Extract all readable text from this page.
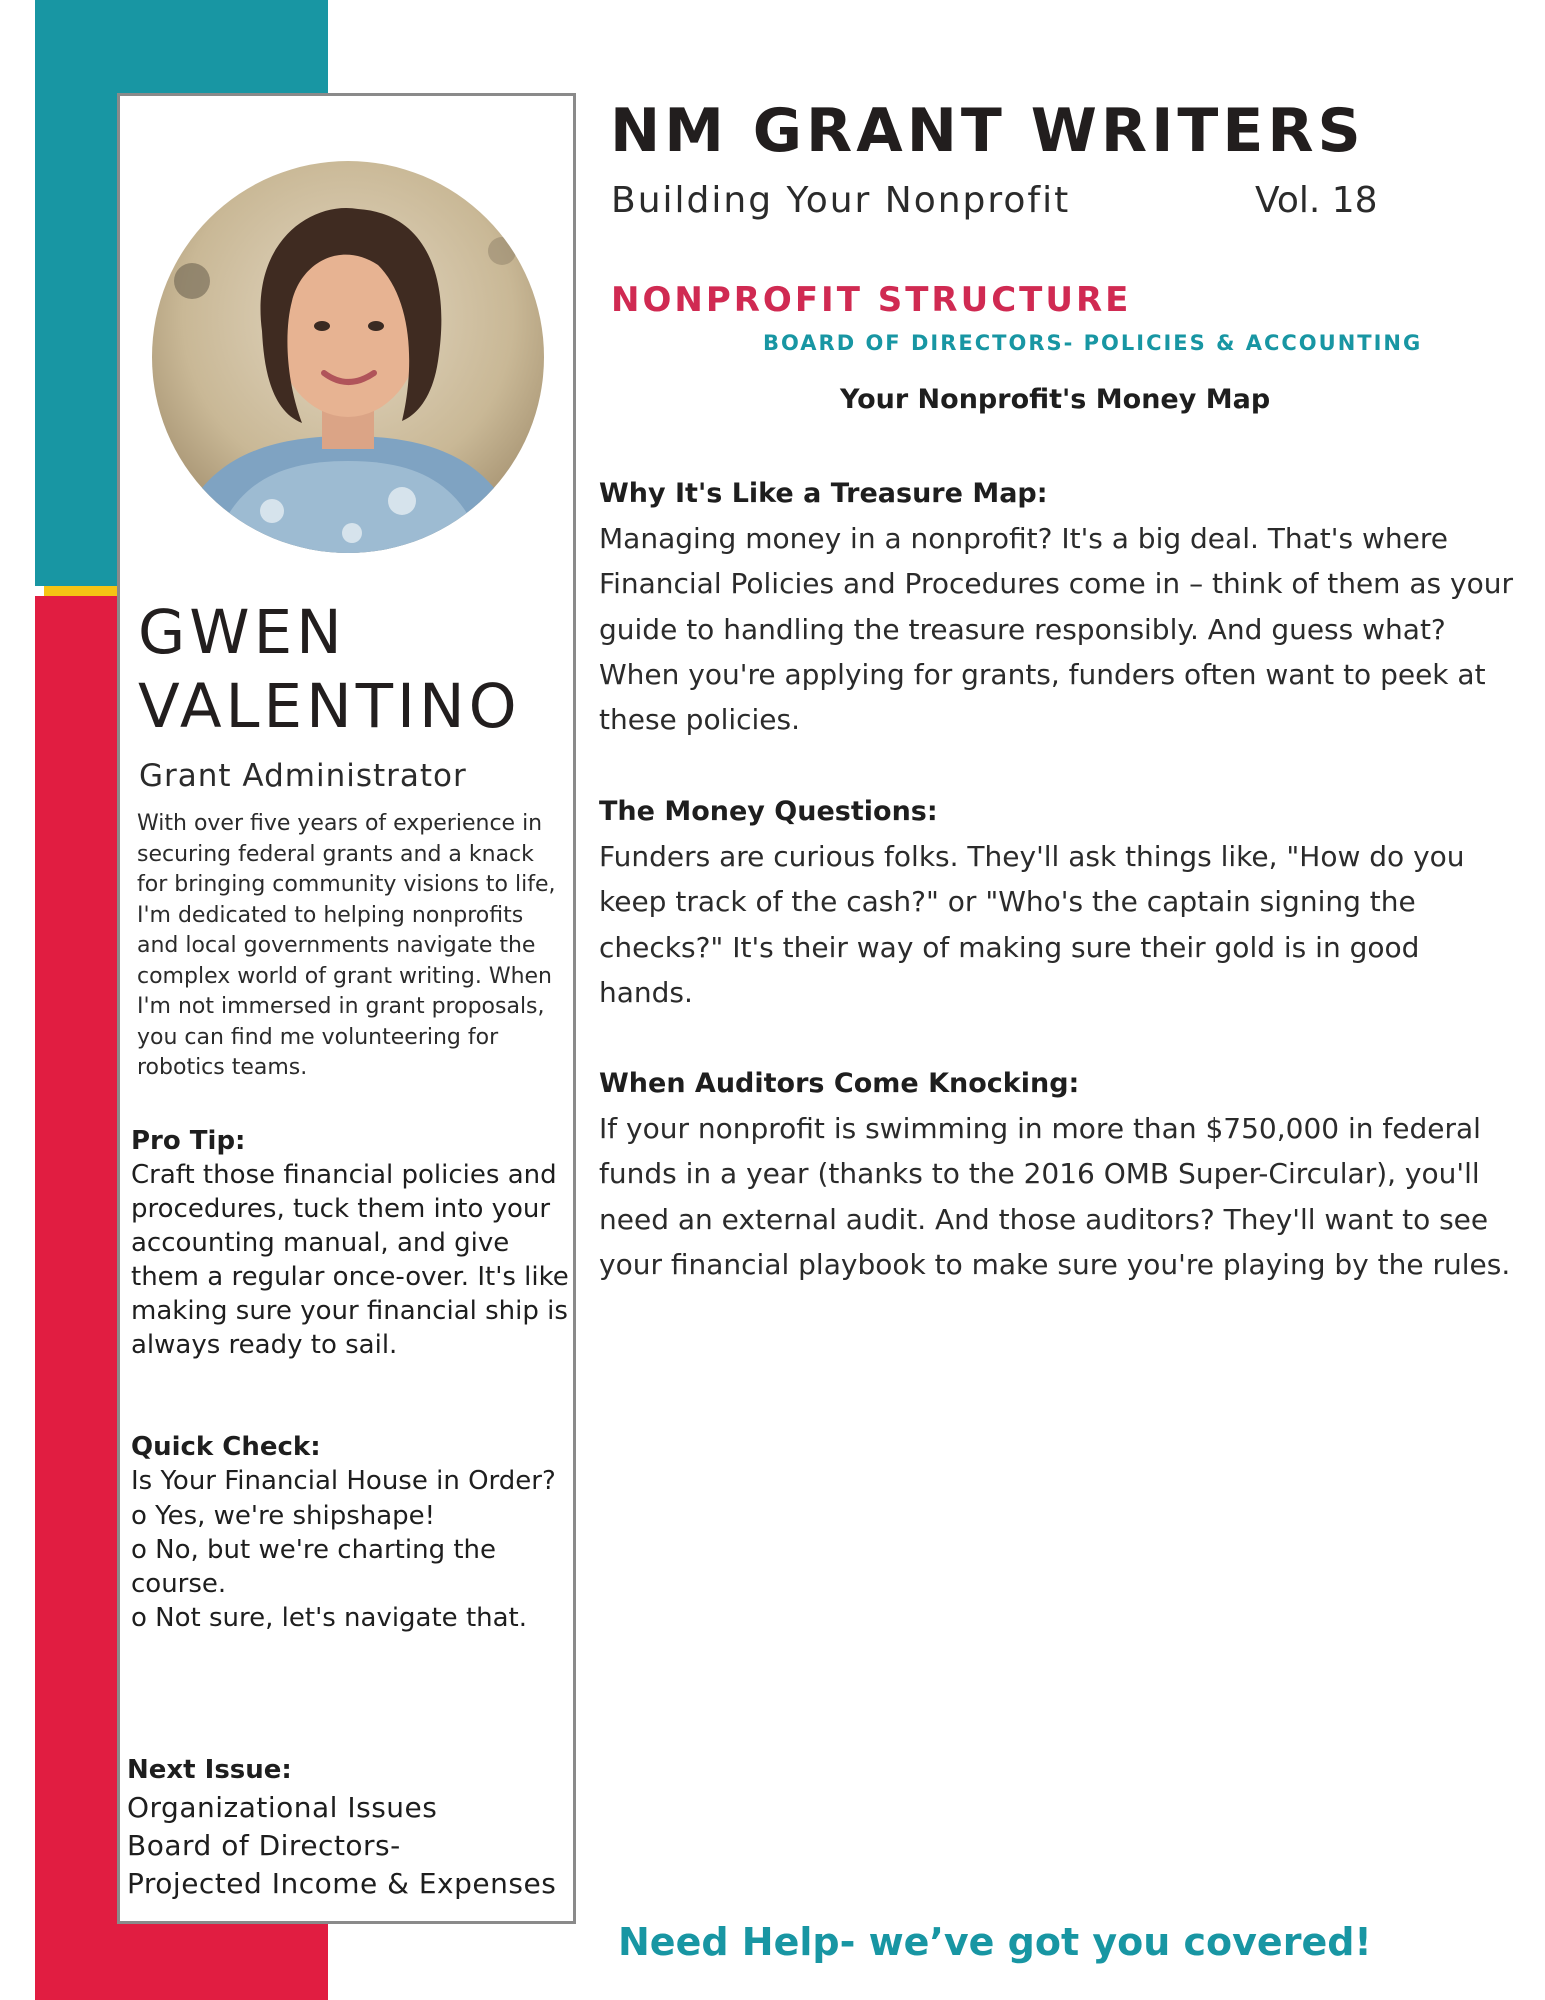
GWEN
VALENTINO
Grant Administrator
With over five years of experience in securing federal grants and a knack for bringing community visions to life, I'm dedicated to helping nonprofits and local governments navigate the complex world of grant writing. When I'm not immersed in grant proposals, you can find me volunteering for robotics teams.
Pro Tip:
Craft those financial policies and procedures, tuck them into your accounting manual, and give them a regular once-over. It's like making sure your financial ship is always ready to sail.
Quick Check:
Is Your Financial House in Order?
o Yes, we're shipshape!
o No, but we're charting the course.
o Not sure, let's navigate that.
Next Issue:
Organizational Issues
Board of Directors-
Projected Income & Expenses
NM GRANT WRITERS
Building Your Nonprofit	Vol. 18
NONPROFIT STRUCTURE
BOARD OF DIRECTORS- POLICIES & ACCOUNTING
Your Nonprofit's Money Map
Why It's Like a Treasure Map:
Managing money in a nonprofit? It's a big deal. That's where Financial Policies and Procedures come in – think of them as your guide to handling the treasure responsibly. And guess what? When you're applying for grants, funders often want to peek at these policies.
The Money Questions:
Funders are curious folks. They'll ask things like, "How do you keep track of the cash?" or "Who's the captain signing the checks?" It's their way of making sure their gold is in good hands.
When Auditors Come Knocking:
If your nonprofit is swimming in more than $750,000 in federal funds in a year (thanks to the 2016 OMB Super-Circular), you'll need an external audit. And those auditors? They'll want to see your financial playbook to make sure you're playing by the rules.
Need Help- we’ve got you covered!
